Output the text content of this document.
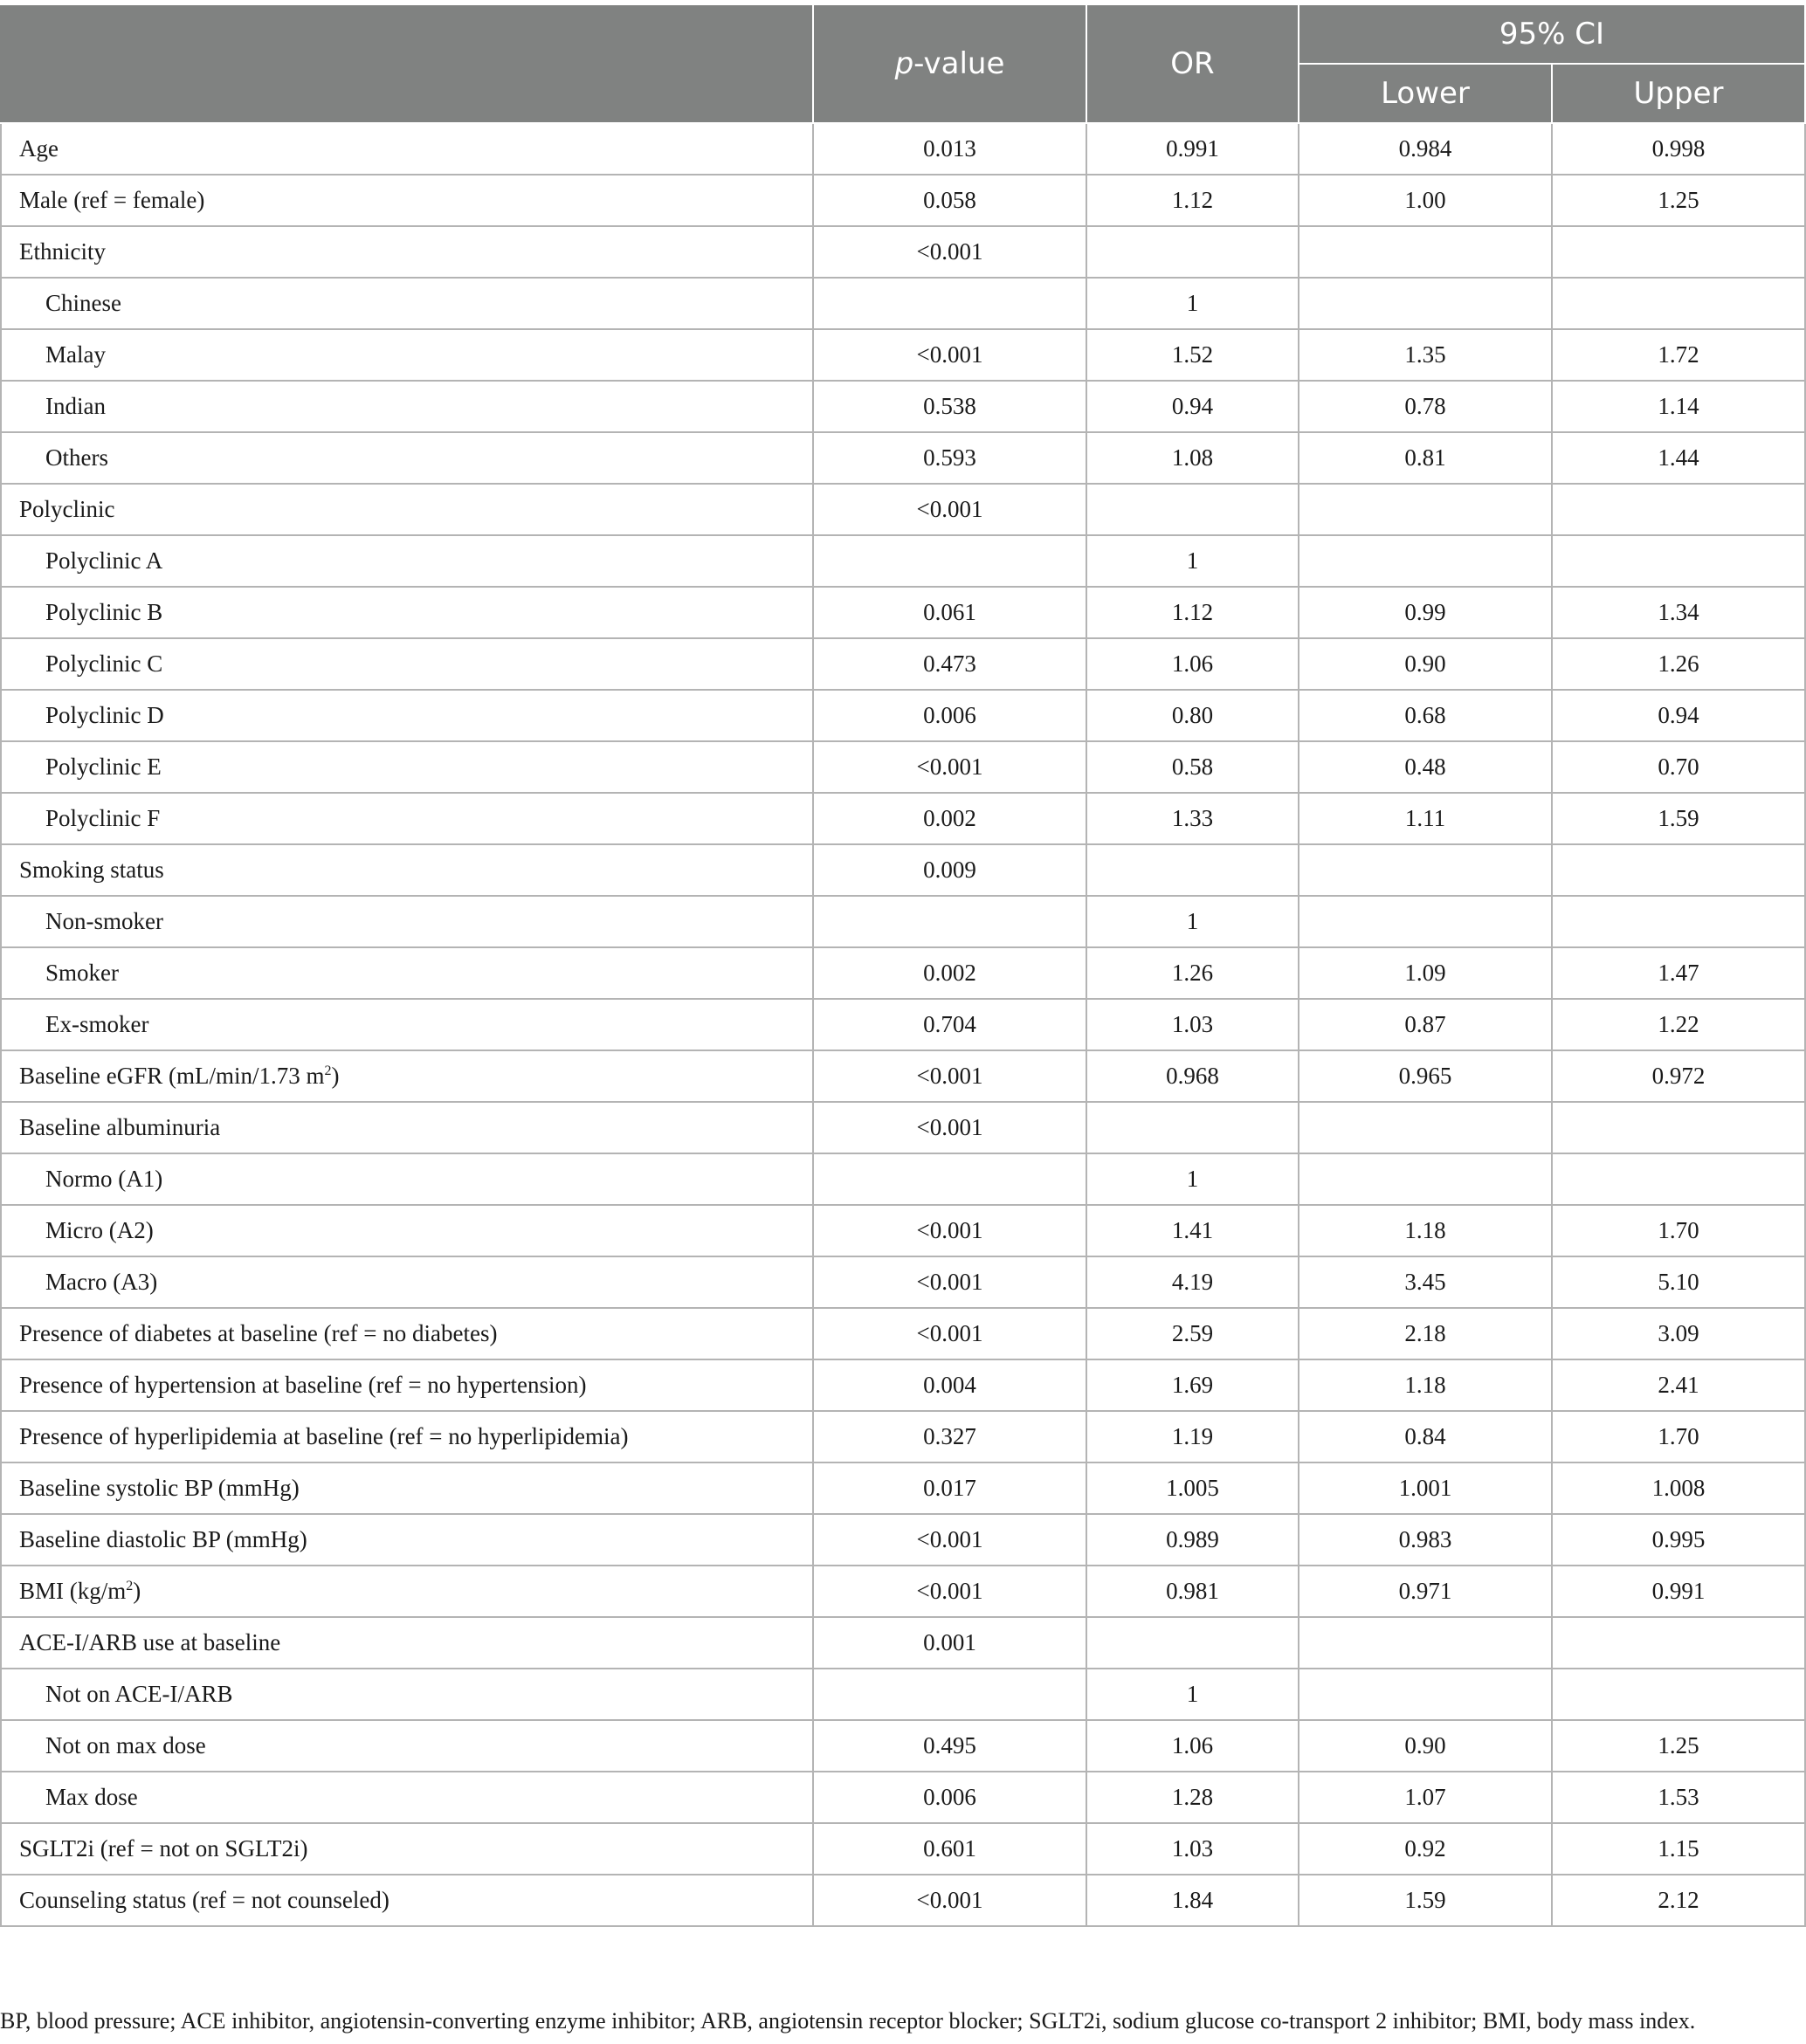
	p-value	OR	95% CI	
			Lower	Upper
Age	0.013	0.991	0.984	0.998
Male (ref = female)	0.058	1.12	1.00	1.25
Ethnicity	<0.001			
Chinese		1		
Malay	<0.001	1.52	1.35	1.72
Indian	0.538	0.94	0.78	1.14
Others	0.593	1.08	0.81	1.44
Polyclinic	<0.001			
Polyclinic A		1		
Polyclinic B	0.061	1.12	0.99	1.34
Polyclinic C	0.473	1.06	0.90	1.26
Polyclinic D	0.006	0.80	0.68	0.94
Polyclinic E	<0.001	0.58	0.48	0.70
Polyclinic F	0.002	1.33	1.11	1.59
Smoking status	0.009			
Non-smoker		1		
Smoker	0.002	1.26	1.09	1.47
Ex-smoker	0.704	1.03	0.87	1.22
Baseline eGFR (mL/min/1.73 $m^2$)	<0.001	0.968	0.965	0.972
Baseline albuminuria	<0.001			
Normo (A1)		1		
Micro (A2)	<0.001	1.41	1.18	1.70
Macro (A3)	<0.001	4.19	3.45	5.10
Presence of diabetes at baseline (ref = no diabetes)	<0.001	2.59	2.18	3.09
Presence of hypertension at baseline (ref = no hypertension)	0.004	1.69	1.18	2.41
Presence of hyperlipidemia at baseline (ref = no hyperlipidemia)	0.327	1.19	0.84	1.70
Baseline systolic BP (mmHg)	0.017	1.005	1.001	1.008
Baseline diastolic BP (mmHg)	<0.001	0.989	0.983	0.995
BMI $(kg/m^2)$	<0.001	0.981	0.971	0.991
ACE-I/ARB use at baseline	0.001			
Not on ACE-I/ARB		1		
Not on max dose	0.495	1.06	0.90	1.25
Max dose	0.006	1.28	1.07	1.53
SGLT2i (ref = not on SGLT2i)	0.601	1.03	0.92	1.15
Counseling status (ref = not counseled)	<0.001	1.84	1.59	2.12
BP, blood pressure; ACE inhibitor, angiotensin-converting enzyme inhibitor; ARB, angiotensin receptor blocker; SGLT2i, sodium glucose co-transport 2 inhibitor; BMI, body mass index.
